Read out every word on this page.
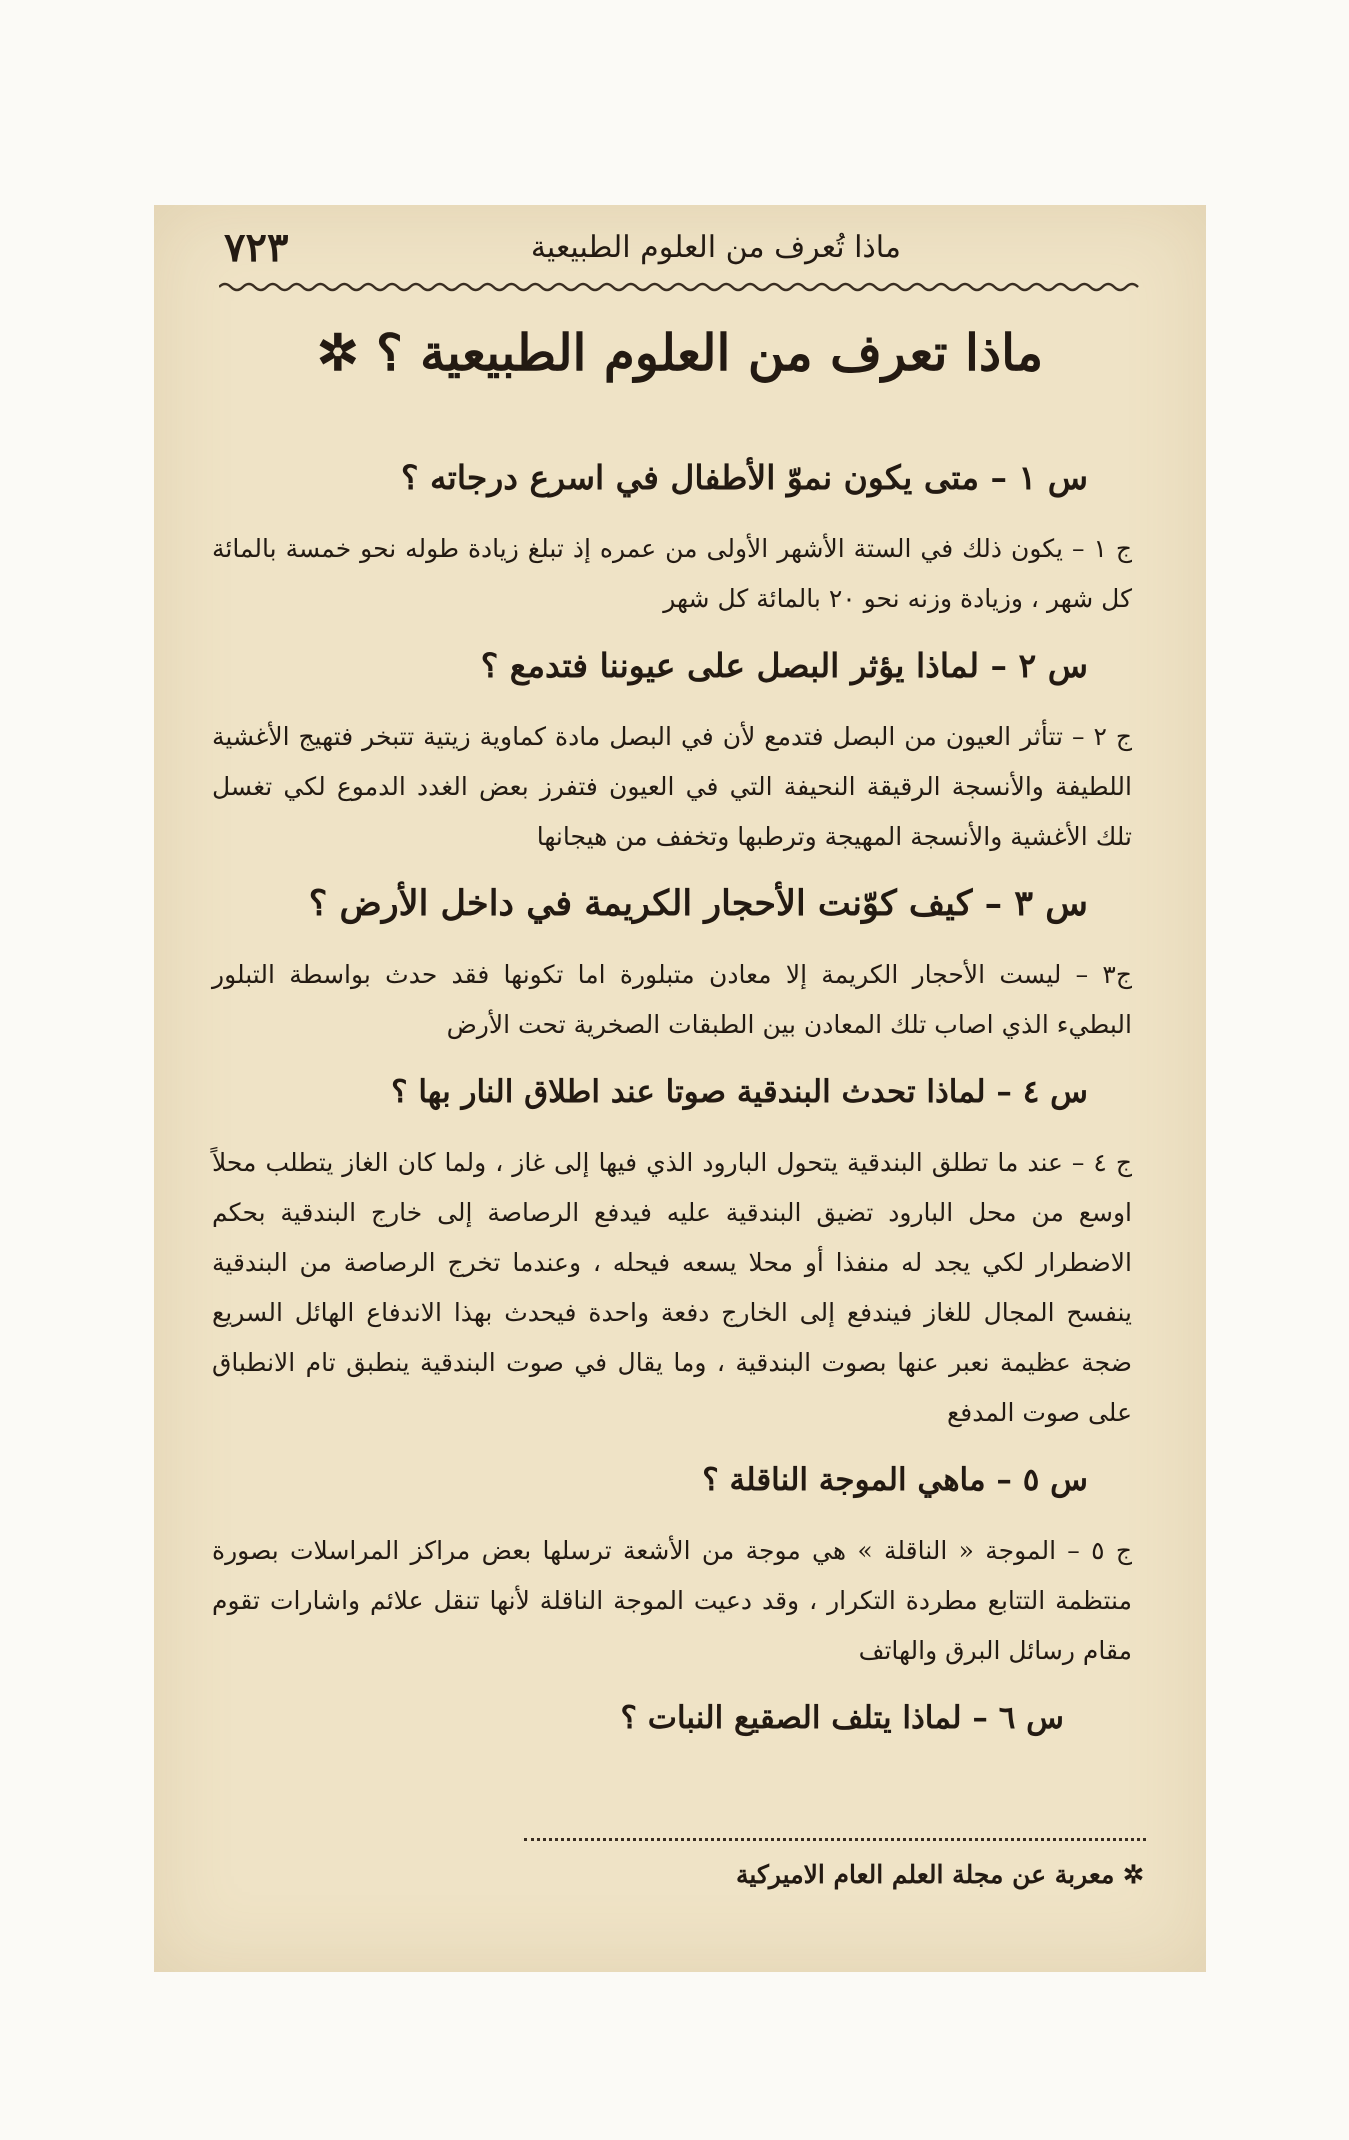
ماذا تُعرف من العلوم الطبيعية
٧٢٣
ماذا تعرف من العلوم الطبيعية ؟ ✲
س ١ – متى يكون نموّ الأطفال في اسرع درجاته ؟
ج ١ – يكون ذلك في الستة الأشهر الأولى من عمره إذ تبلغ زيادة طوله نحو خمسة بالمائة كل شهر ، وزيادة وزنه نحو ٢٠ بالمائة كل شهر
س ٢ – لماذا يؤثر البصل على عيوننا فتدمع ؟
ج ٢ – تتأثر العيون من البصل فتدمع لأن في البصل مادة كماوية زيتية تتبخر فتهيج الأغشية اللطيفة والأنسجة الرقيقة النحيفة التي في العيون فتفرز بعض الغدد الدموع لكي تغسل تلك الأغشية والأنسجة المهيجة وترطبها وتخفف من هيجانها
س ٣ – كيف كوّنت الأحجار الكريمة في داخل الأرض ؟
ج٣ – ليست الأحجار الكريمة إلا معادن متبلورة اما تكونها فقد حدث بواسطة التبلور البطيء الذي اصاب تلك المعادن بين الطبقات الصخرية تحت الأرض
س ٤ – لماذا تحدث البندقية صوتا عند اطلاق النار بها ؟
ج ٤ – عند ما تطلق البندقية يتحول البارود الذي فيها إلى غاز ، ولما كان الغاز يتطلب محلاً اوسع من محل البارود تضيق البندقية عليه فيدفع الرصاصة إلى خارج البندقية بحكم الاضطرار لكي يجد له منفذا أو محلا يسعه فيحله ، وعندما تخرج الرصاصة من البندقية ينفسح المجال للغاز فيندفع إلى الخارج دفعة واحدة فيحدث بهذا الاندفاع الهائل السريع ضجة عظيمة نعبر عنها بصوت البندقية ، وما يقال في صوت البندقية ينطبق تام الانطباق على صوت المدفع
س ٥ – ماهي الموجة الناقلة ؟
ج ٥ – الموجة « الناقلة » هي موجة من الأشعة ترسلها بعض مراكز المراسلات بصورة منتظمة التتابع مطردة التكرار ، وقد دعيت الموجة الناقلة لأنها تنقل علائم واشارات تقوم مقام رسائل البرق والهاتف
س ٦ – لماذا يتلف الصقيع النبات ؟
✲ معربة عن مجلة العلم العام الاميركية
